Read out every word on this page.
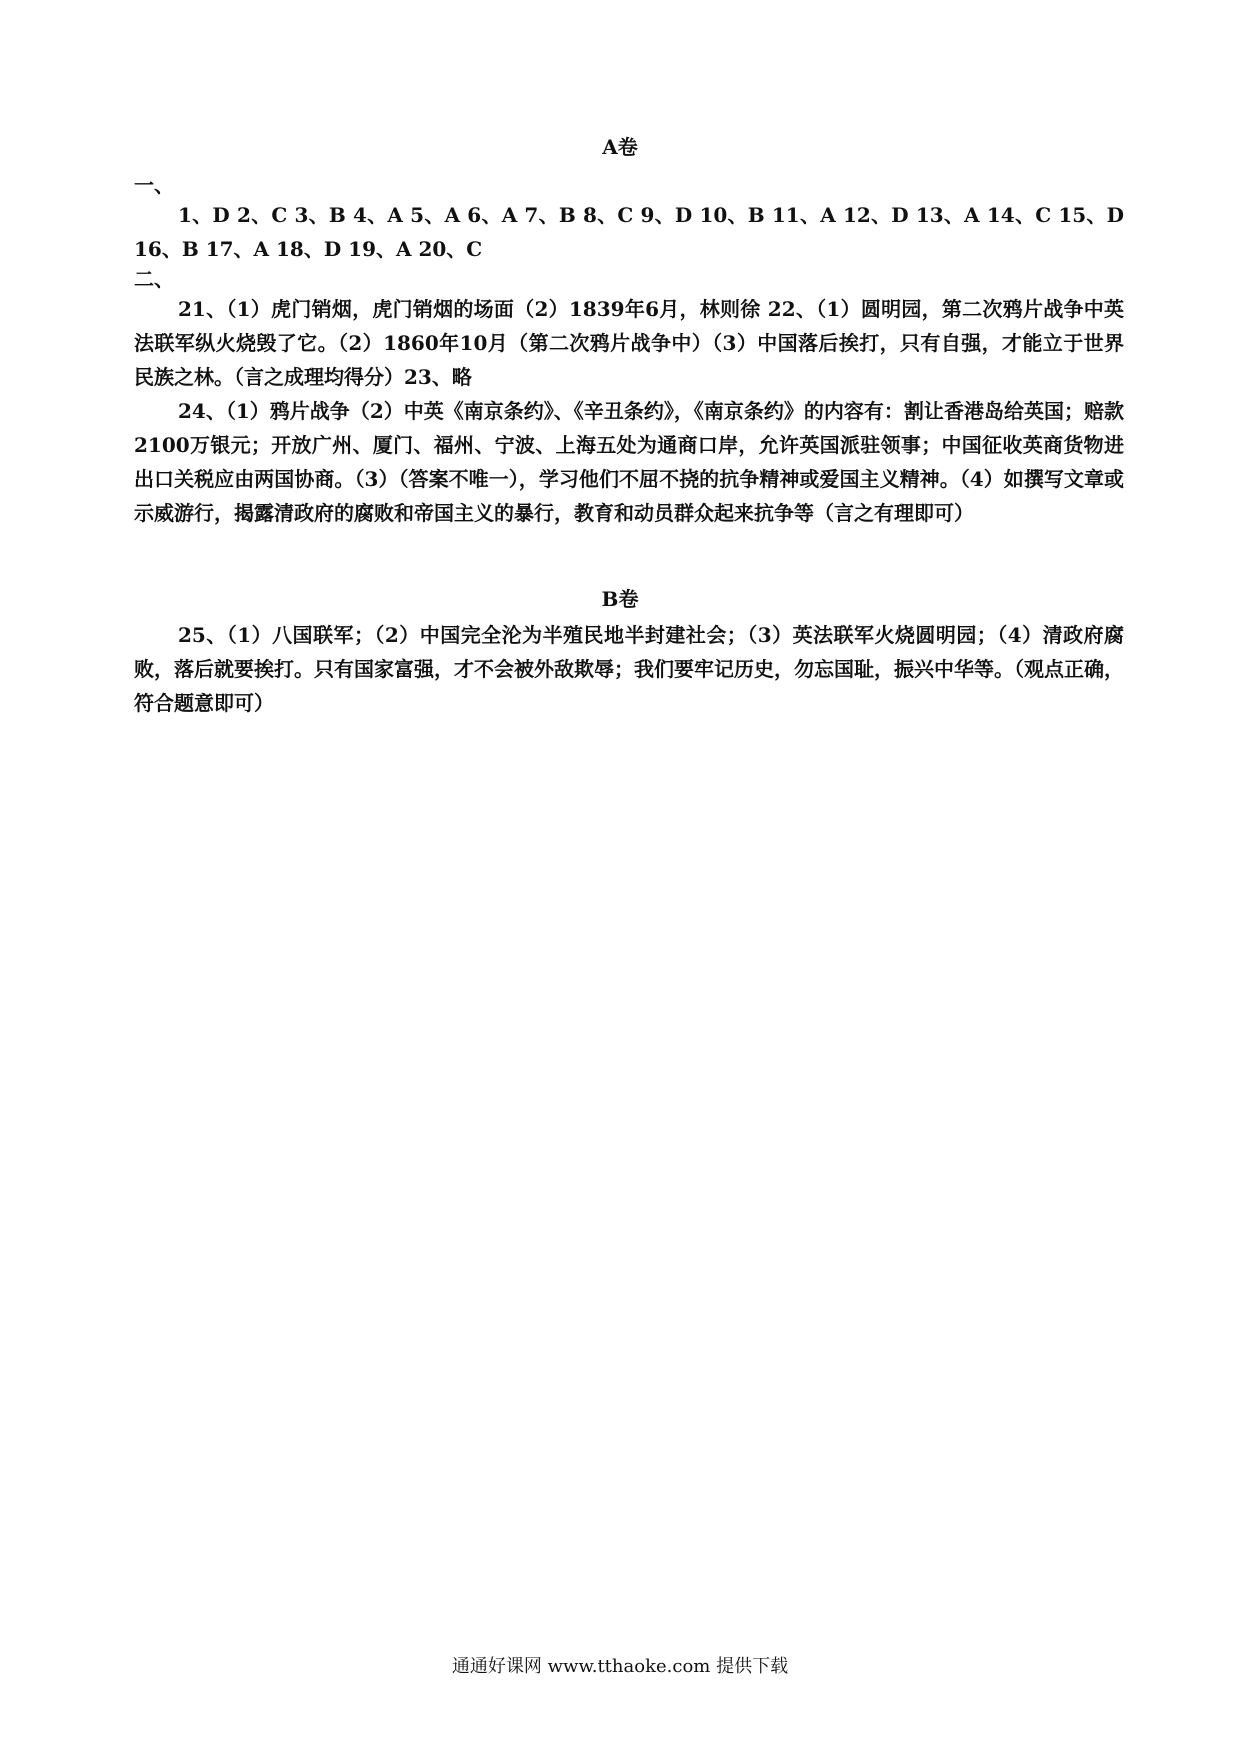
A卷
一、
1、D 2、C 3、B 4、A 5、A 6、A 7、B 8、C 9、D 10、B 11、A 12、D 13、A 14、C 15、D 16、B 17、A 18、D 19、A 20、C
二、
21、（1）虎门销烟，虎门销烟的场面（2）1839年6月，林则徐 22、（1）圆明园，第二次鸦片战争中英法联军纵火烧毁了它。（2）1860年10月（第二次鸦片战争中）（3）中国落后挨打，只有自强，才能立于世界民族之林。（言之成理均得分）23、略
24、（1）鸦片战争（2）中英《南京条约》、《辛丑条约》，《南京条约》的内容有：割让香港岛给英国；赔款2100万银元；开放广州、厦门、福州、宁波、上海五处为通商口岸，允许英国派驻领事；中国征收英商货物进出口关税应由两国协商。（3）（答案不唯一），学习他们不屈不挠的抗争精神或爱国主义精神。（4）如撰写文章或示威游行，揭露清政府的腐败和帝国主义的暴行，教育和动员群众起来抗争等（言之有理即可）
B卷
25、（1）八国联军；（2）中国完全沦为半殖民地半封建社会；（3）英法联军火烧圆明园；（4）清政府腐败，落后就要挨打。只有国家富强，才不会被外敌欺辱；我们要牢记历史，勿忘国耻，振兴中华等。（观点正确，符合题意即可）
通通好课网 www.tthaoke.com 提供下载
